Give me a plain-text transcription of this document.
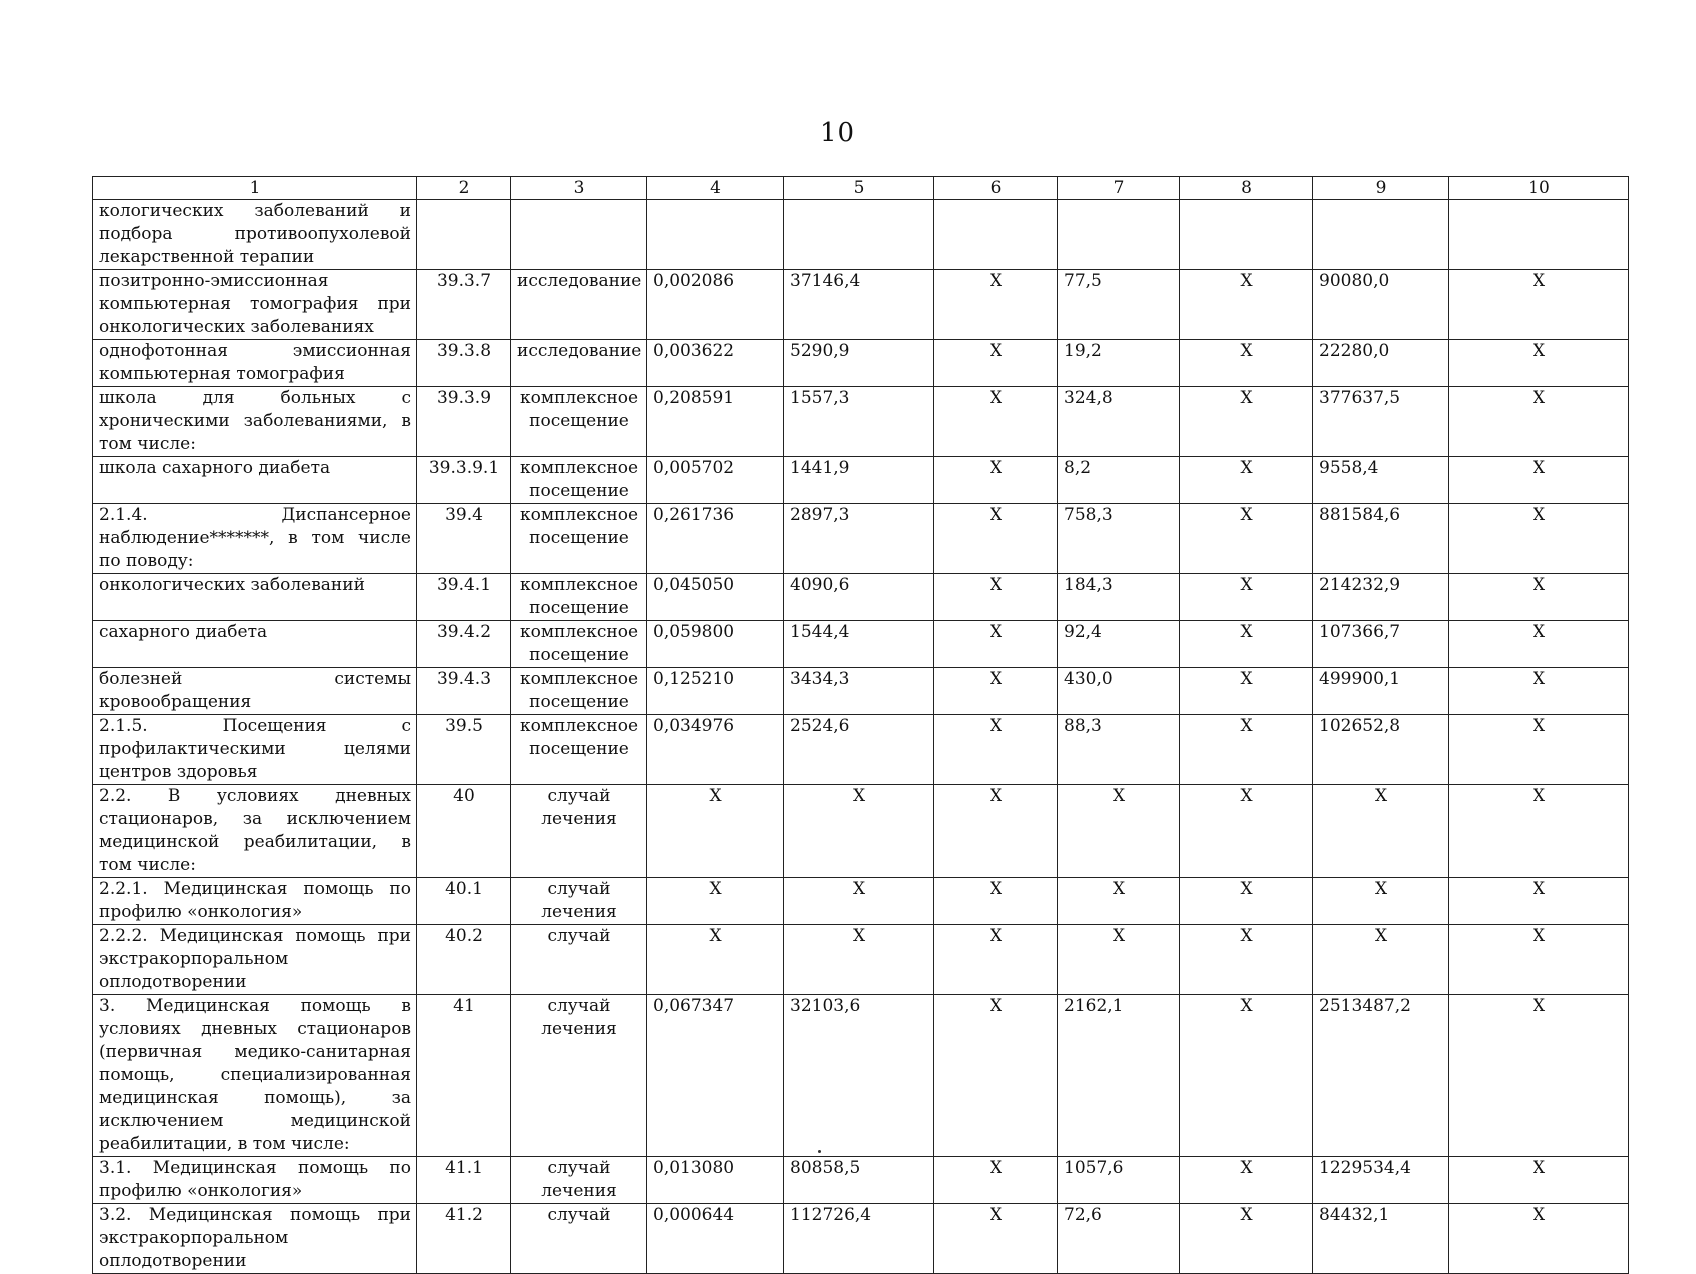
10
1	2	3	4	5	6	7	8	9	10
кологических заболеваний и подбора противоопухолевой лекарственной терапии									
позитронно-эмиссионная компьютерная томография при онкологических заболеваниях	39.3.7	исследование	0,002086	37146,4	Х	77,5	Х	90080,0	Х
однофотонная эмиссионная компьютерная томография	39.3.8	исследование	0,003622	5290,9	Х	19,2	Х	22280,0	Х
школа для больных с хроническими заболеваниями, в том числе:	39.3.9	комплексное посещение	0,208591	1557,3	Х	324,8	Х	377637,5	Х
школа сахарного диабета	39.3.9.1	комплексное посещение	0,005702	1441,9	Х	8,2	Х	9558,4	Х
2.1.4. Диспансерное наблюдение*******, в том числе по поводу:	39.4	комплексное посещение	0,261736	2897,3	Х	758,3	Х	881584,6	Х
онкологических заболеваний	39.4.1	комплексное посещение	0,045050	4090,6	Х	184,3	Х	214232,9	Х
сахарного диабета	39.4.2	комплексное посещение	0,059800	1544,4	Х	92,4	Х	107366,7	Х
болезней системы кровообращения	39.4.3	комплексное посещение	0,125210	3434,3	Х	430,0	Х	499900,1	Х
2.1.5. Посещения с профилактическими целями центров здоровья	39.5	комплексное посещение	0,034976	2524,6	Х	88,3	Х	102652,8	Х
2.2. В условиях дневных стационаров, за исключением медицинской реабилитации, в том числе:	40	случай лечения	Х	Х	Х	Х	Х	Х	Х
2.2.1. Медицинская помощь по профилю «онкология»	40.1	случай лечения	Х	Х	Х	Х	Х	Х	Х
2.2.2. Медицинская помощь при экстракорпоральном оплодотворении	40.2	случай	Х	Х	Х	Х	Х	Х	Х
3. Медицинская помощь в условиях дневных стационаров (первичная медико-санитарная помощь, специализированная медицинская помощь), за исключением медицинской реабилитации, в том числе:	41	случай лечения	0,067347	32103,6	Х	2162,1	Х	2513487,2	Х
3.1. Медицинская помощь по профилю «онкология»	41.1	случай лечения	0,013080	80858,5	Х	1057,6	Х	1229534,4	Х
3.2. Медицинская помощь при экстракорпоральном оплодотворении	41.2	случай	0,000644	112726,4	Х	72,6	Х	84432,1	Х
